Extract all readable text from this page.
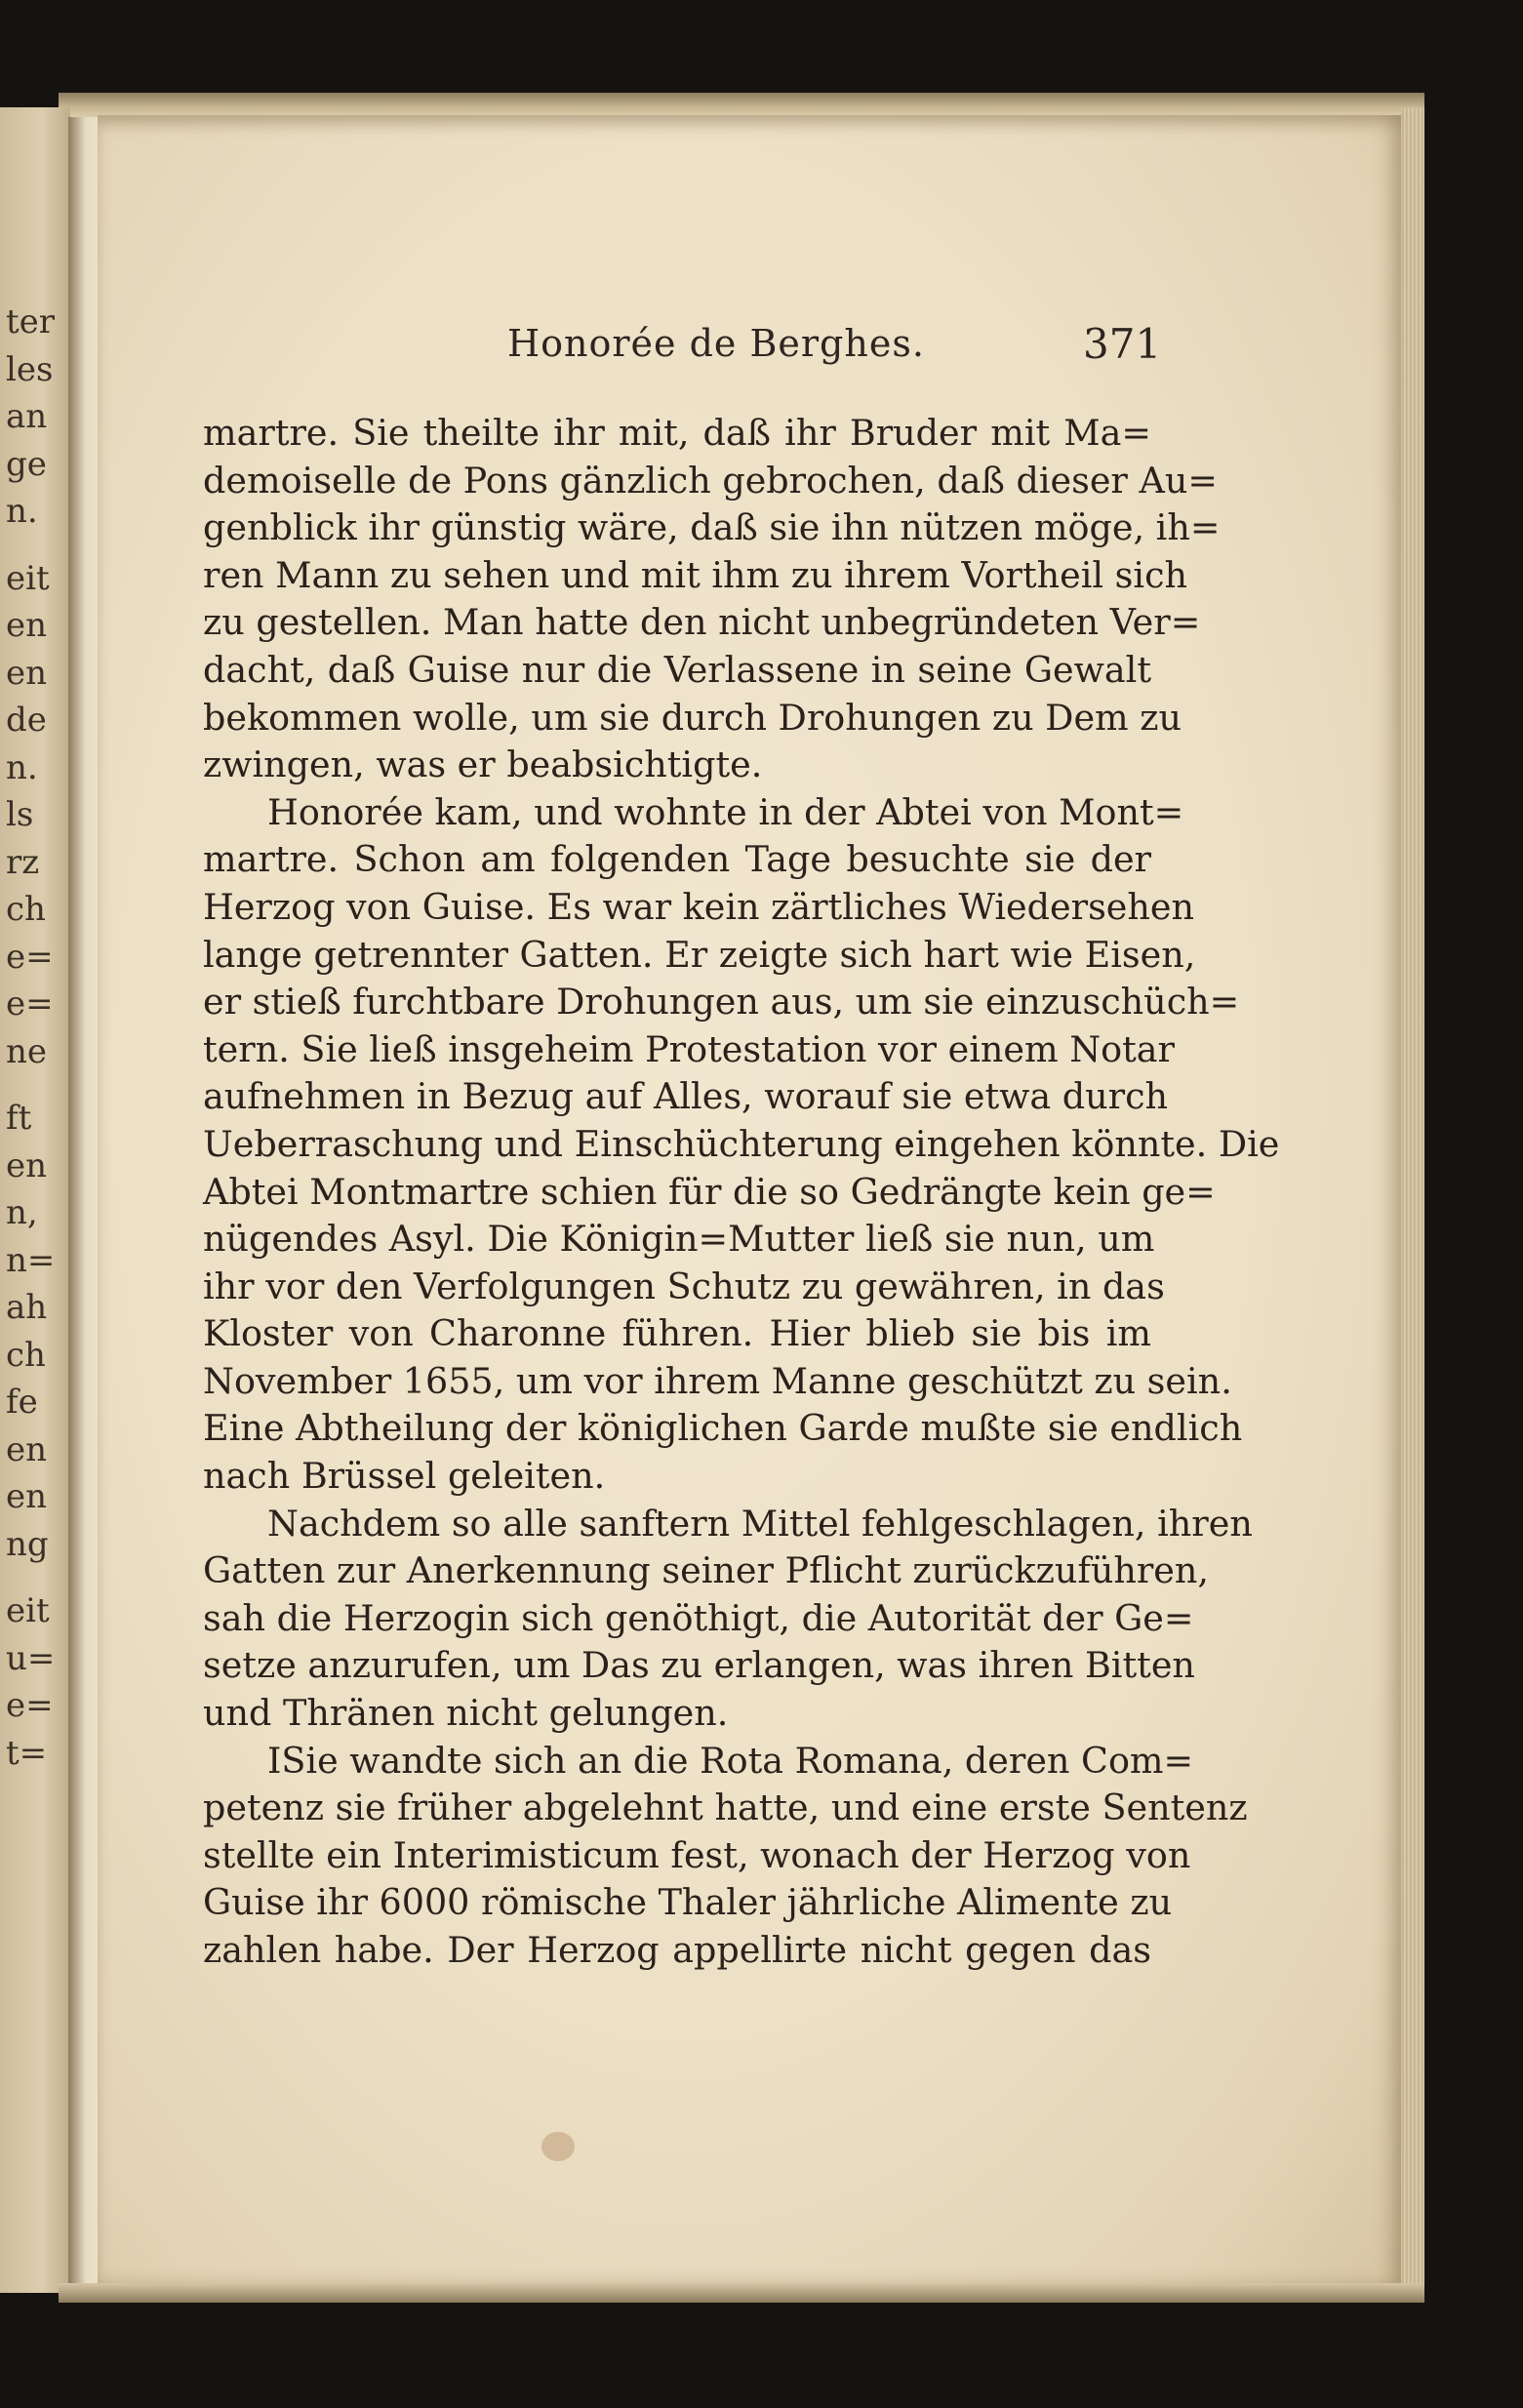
ter
les
an
ge
n.
eit
en
en
de
n.
ls
rz
ch
e=
e=
ne
ft
en
n,
n=
ah
ch
fe
en
en
ng
eit
u=
e=
t=
Honorée de Berghes.	371
martre. Sie theilte ihr mit, daß ihr Bruder mit Ma=
demoiselle de Pons gänzlich gebrochen, daß dieser Au=
genblick ihr günstig wäre, daß sie ihn nützen möge, ih=
ren Mann zu sehen und mit ihm zu ihrem Vortheil sich
zu gestellen. Man hatte den nicht unbegründeten Ver=
dacht, daß Guise nur die Verlassene in seine Gewalt
bekommen wolle, um sie durch Drohungen zu Dem zu
zwingen, was er beabsichtigte.
Honorée kam, und wohnte in der Abtei von Mont=
martre. Schon am folgenden Tage besuchte sie der
Herzog von Guise. Es war kein zärtliches Wiedersehen
lange getrennter Gatten. Er zeigte sich hart wie Eisen,
er stieß furchtbare Drohungen aus, um sie einzuschüch=
tern. Sie ließ insgeheim Protestation vor einem Notar
aufnehmen in Bezug auf Alles, worauf sie etwa durch
Ueberraschung und Einschüchterung eingehen könnte. Die
Abtei Montmartre schien für die so Gedrängte kein ge=
nügendes Asyl. Die Königin=Mutter ließ sie nun, um
ihr vor den Verfolgungen Schutz zu gewähren, in das
Kloster von Charonne führen. Hier blieb sie bis im
November 1655, um vor ihrem Manne geschützt zu sein.
Eine Abtheilung der königlichen Garde mußte sie endlich
nach Brüssel geleiten.
Nachdem so alle sanftern Mittel fehlgeschlagen, ihren
Gatten zur Anerkennung seiner Pflicht zurückzuführen,
sah die Herzogin sich genöthigt, die Autorität der Ge=
setze anzurufen, um Das zu erlangen, was ihren Bitten
und Thränen nicht gelungen.
ISie wandte sich an die Rota Romana, deren Com=
petenz sie früher abgelehnt hatte, und eine erste Sentenz
stellte ein Interimisticum fest, wonach der Herzog von
Guise ihr 6000 römische Thaler jährliche Alimente zu
zahlen habe. Der Herzog appellirte nicht gegen das
